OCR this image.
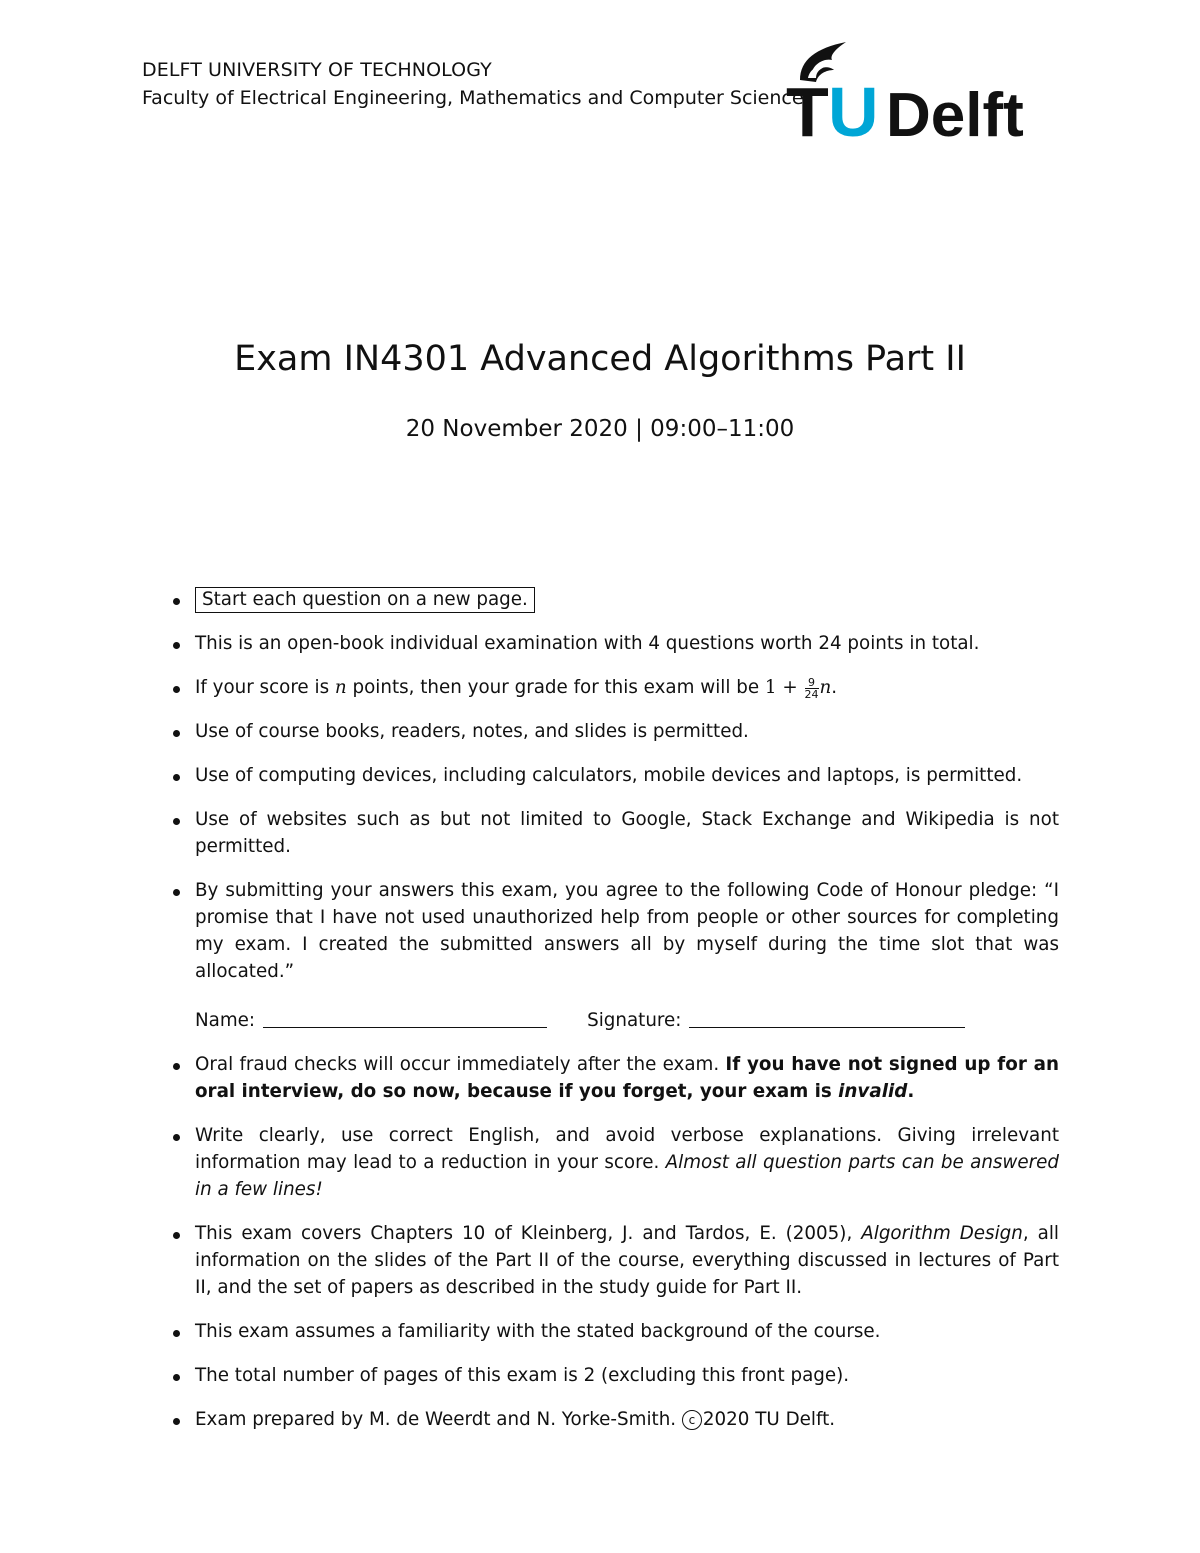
DELFT UNIVERSITY OF TECHNOLOGY
Faculty of Electrical Engineering, Mathematics and Computer Science
T U Delft
Exam IN4301 Advanced Algorithms Part II
20 November 2020 | 09:00–11:00
Start each question on a new page.
This is an open-book individual examination with 4 questions worth 24 points in total.
If your score is n points, then your grade for this exam will be $1 + \frac{9}{24} n$.
Use of course books, readers, notes, and slides is permitted.
Use of computing devices, including calculators, mobile devices and laptops, is permitted.
Use of websites such as but not limited to Google, Stack Exchange and Wikipedia is not permitted.
By submitting your answers this exam, you agree to the following Code of Honour pledge: “I promise that I have not used unauthorized help from people or other sources for completing my exam. I created the submitted answers all by myself during the time slot that was allocated.”
Name:	Signature:
Oral fraud checks will occur immediately after the exam. If you have not signed up for an oral interview, do so now, because if you forget, your exam is invalid.
Write clearly, use correct English, and avoid verbose explanations. Giving irrelevant information may lead to a reduction in your score. Almost all question parts can be answered in a few lines!
This exam covers Chapters 10 of Kleinberg, J. and Tardos, E. (2005), Algorithm Design, all information on the slides of the Part II of the course, everything discussed in lectures of Part II, and the set of papers as described in the study guide for Part II.
This exam assumes a familiarity with the stated background of the course.
The total number of pages of this exam is 2 (excluding this front page).
Exam prepared by M. de Weerdt and N. Yorke-Smith. c 2020 TU Delft.
